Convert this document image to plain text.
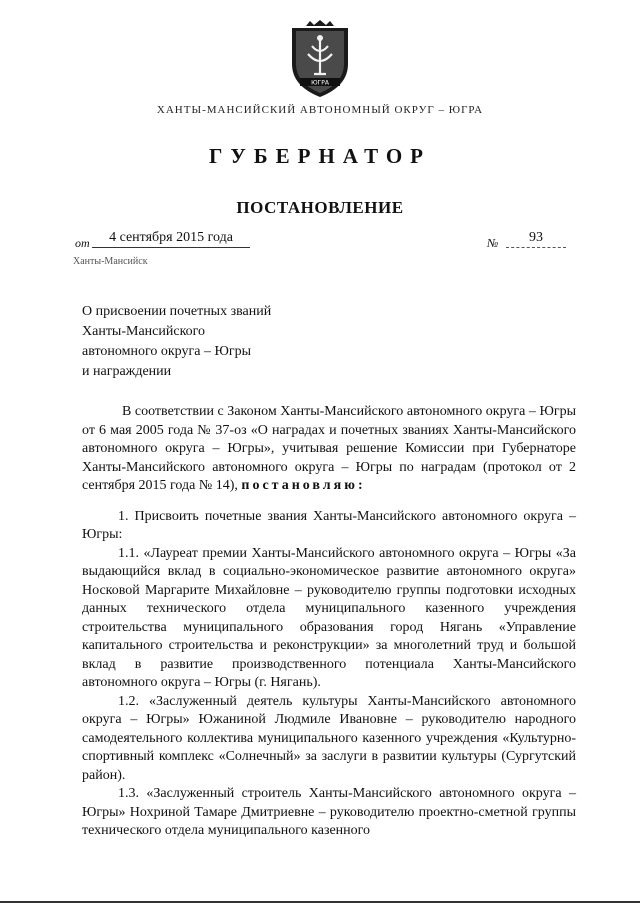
ЮГРА
ХАНТЫ-МАНСИЙСКИЙ АВТОНОМНЫЙ ОКРУГ – ЮГРА
ГУБЕРНАТОР
ПОСТАНОВЛЕНИЕ
от	4 сентября 2015 года	№	93
Ханты-Мансийск
О присвоении почетных званий
Ханты-Мансийского
автономного округа – Югры
и награждении

В соответствии с Законом Ханты-Мансийского автономного округа – Югры от 6 мая 2005 года № 37-оз «О наградах и почетных званиях Ханты-Мансийского автономного округа – Югры», учитывая решение Комиссии при Губернаторе Ханты-Мансийского автономного округа – Югры по наградам (протокол от 2 сентября 2015 года № 14), постановляю:

1. Присвоить почетные звания Ханты-Мансийского автономного округа – Югры:

1.1. «Лауреат премии Ханты-Мансийского автономного округа – Югры «За выдающийся вклад в социально-экономическое развитие автономного округа» Носковой Маргарите Михайловне – руководителю группы подготовки исходных данных технического отдела муниципального казенного учреждения строительства муниципального образования город Нягань «Управление капитального строительства и реконструкции» за многолетний труд и большой вклад в развитие производственного потенциала Ханты-Мансийского автономного округа – Югры (г. Нягань).

1.2. «Заслуженный деятель культуры Ханты-Мансийского автономного округа – Югры» Южаниной Людмиле Ивановне – руководителю народного самодеятельного коллектива муниципального казенного учреждения «Культурно-спортивный комплекс «Солнечный» за заслуги в развитии культуры (Сургутский район).

1.3. «Заслуженный строитель Ханты-Мансийского автономного округа – Югры» Нохриной Тамаре Дмитриевне – руководителю проектно-сметной группы технического отдела муниципального казенного
